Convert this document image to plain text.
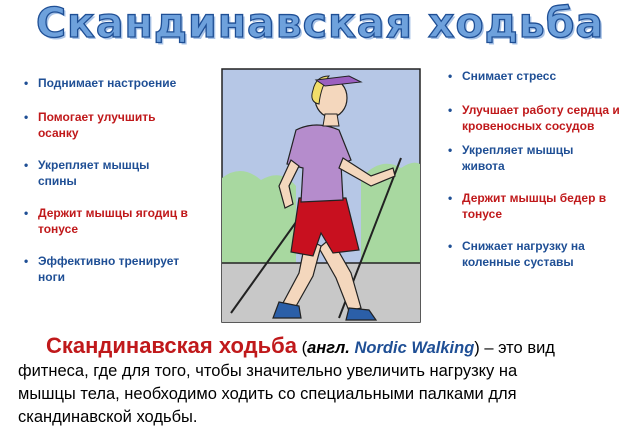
Скандинавская ходьба
• Поднимает настроение
• Помогает улучшить осанку
• Укрепляет мышцы спины
• Держит мышцы ягодиц в тонусе
• Эффективно тренирует ноги
• Снимает стресс
• Улучшает работу сердца и кровеносных сосудов
• Укрепляет мышцы живота
• Держит мышцы бедер в тонусе
• Снижает нагрузку на коленные суставы
Скандинавская ходьба (англ. Nordic Walking) – это вид
фитнеса, где для того, чтобы значительно увеличить нагрузку на
мышцы тела, необходимо ходить со специальными палками для
скандинавской ходьбы.
